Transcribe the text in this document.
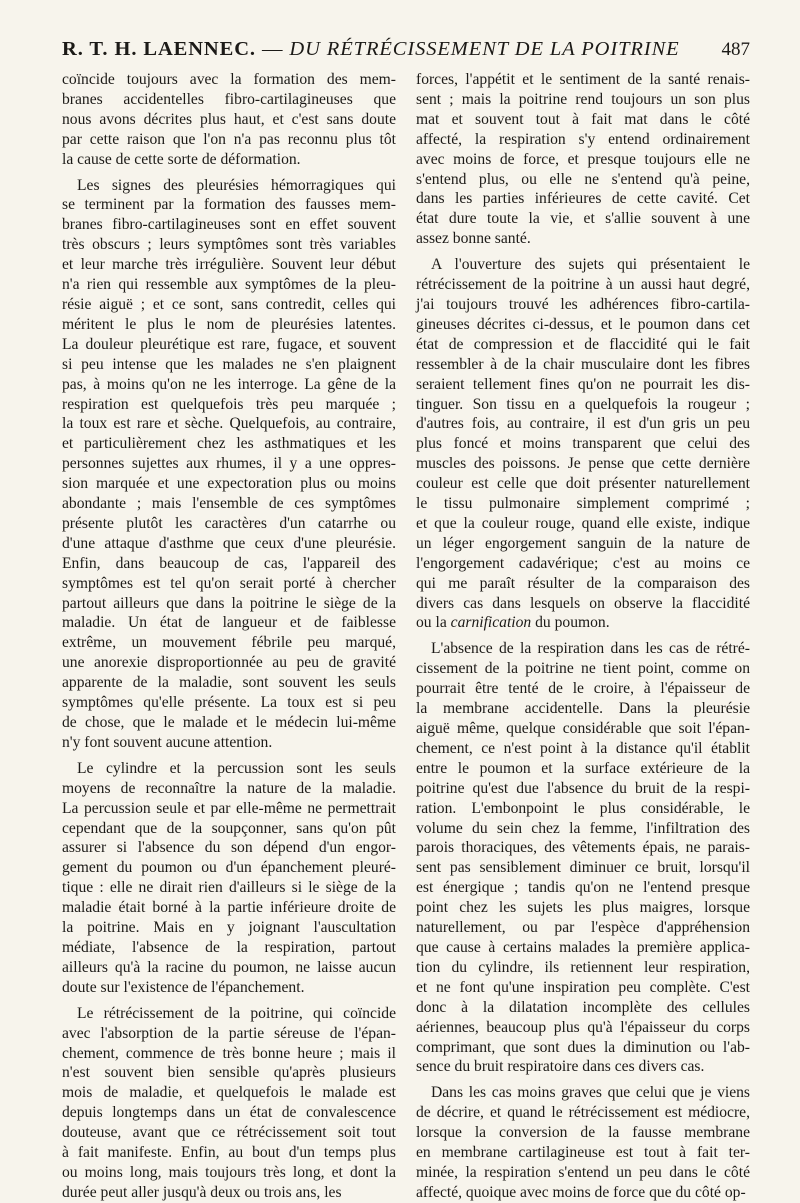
R. T. H. LAENNEC. — DU RÉTRÉCISSEMENT DE LA POITRINE 487
coïncide toujours avec la formation des mem-
branes accidentelles fibro-cartilagineuses que
nous avons décrites plus haut, et c'est sans doute
par cette raison que l'on n'a pas reconnu plus tôt
la cause de cette sorte de déformation.
Les signes des pleurésies hémorragiques qui
se terminent par la formation des fausses mem-
branes fibro-cartilagineuses sont en effet souvent
très obscurs ; leurs symptômes sont très variables
et leur marche très irrégulière. Souvent leur début
n'a rien qui ressemble aux symptômes de la pleu-
résie aiguë ; et ce sont, sans contredit, celles qui
méritent le plus le nom de pleurésies latentes.
La douleur pleurétique est rare, fugace, et souvent
si peu intense que les malades ne s'en plaignent
pas, à moins qu'on ne les interroge. La gêne de la
respiration est quelquefois très peu marquée ;
la toux est rare et sèche. Quelquefois, au contraire,
et particulièrement chez les asthmatiques et les
personnes sujettes aux rhumes, il y a une oppres-
sion marquée et une expectoration plus ou moins
abondante ; mais l'ensemble de ces symptômes
présente plutôt les caractères d'un catarrhe ou
d'une attaque d'asthme que ceux d'une pleurésie.
Enfin, dans beaucoup de cas, l'appareil des
symptômes est tel qu'on serait porté à chercher
partout ailleurs que dans la poitrine le siège de la
maladie. Un état de langueur et de faiblesse
extrême, un mouvement fébrile peu marqué,
une anorexie disproportionnée au peu de gravité
apparente de la maladie, sont souvent les seuls
symptômes qu'elle présente. La toux est si peu
de chose, que le malade et le médecin lui-même
n'y font souvent aucune attention.
Le cylindre et la percussion sont les seuls
moyens de reconnaître la nature de la maladie.
La percussion seule et par elle-même ne permettrait
cependant que de la soupçonner, sans qu'on pût
assurer si l'absence du son dépend d'un engor-
gement du poumon ou d'un épanchement pleuré-
tique : elle ne dirait rien d'ailleurs si le siège de la
maladie était borné à la partie inférieure droite de
la poitrine. Mais en y joignant l'auscultation
médiate, l'absence de la respiration, partout
ailleurs qu'à la racine du poumon, ne laisse aucun
doute sur l'existence de l'épanchement.
Le rétrécissement de la poitrine, qui coïncide
avec l'absorption de la partie séreuse de l'épan-
chement, commence de très bonne heure ; mais il
n'est souvent bien sensible qu'après plusieurs
mois de maladie, et quelquefois le malade est
depuis longtemps dans un état de convalescence
douteuse, avant que ce rétrécissement soit tout
à fait manifeste. Enfin, au bout d'un temps plus
ou moins long, mais toujours très long, et dont la
durée peut aller jusqu'à deux ou trois ans, les
forces, l'appétit et le sentiment de la santé renais-
sent ; mais la poitrine rend toujours un son plus
mat et souvent tout à fait mat dans le côté
affecté, la respiration s'y entend ordinairement
avec moins de force, et presque toujours elle ne
s'entend plus, ou elle ne s'entend qu'à peine,
dans les parties inférieures de cette cavité. Cet
état dure toute la vie, et s'allie souvent à une
assez bonne santé.
A l'ouverture des sujets qui présentaient le
rétrécissement de la poitrine à un aussi haut degré,
j'ai toujours trouvé les adhérences fibro-cartila-
gineuses décrites ci-dessus, et le poumon dans cet
état de compression et de flaccidité qui le fait
ressembler à de la chair musculaire dont les fibres
seraient tellement fines qu'on ne pourrait les dis-
tinguer. Son tissu en a quelquefois la rougeur ;
d'autres fois, au contraire, il est d'un gris un peu
plus foncé et moins transparent que celui des
muscles des poissons. Je pense que cette dernière
couleur est celle que doit présenter naturellement
le tissu pulmonaire simplement comprimé ;
et que la couleur rouge, quand elle existe, indique
un léger engorgement sanguin de la nature de
l'engorgement cadavérique; c'est au moins ce
qui me paraît résulter de la comparaison des
divers cas dans lesquels on observe la flaccidité
ou la carnification du poumon.
L'absence de la respiration dans les cas de rétré-
cissement de la poitrine ne tient point, comme on
pourrait être tenté de le croire, à l'épaisseur de
la membrane accidentelle. Dans la pleurésie
aiguë même, quelque considérable que soit l'épan-
chement, ce n'est point à la distance qu'il établit
entre le poumon et la surface extérieure de la
poitrine qu'est due l'absence du bruit de la respi-
ration. L'embonpoint le plus considérable, le
volume du sein chez la femme, l'infiltration des
parois thoraciques, des vêtements épais, ne parais-
sent pas sensiblement diminuer ce bruit, lorsqu'il
est énergique ; tandis qu'on ne l'entend presque
point chez les sujets les plus maigres, lorsque
naturellement, ou par l'espèce d'appréhension
que cause à certains malades la première applica-
tion du cylindre, ils retiennent leur respiration,
et ne font qu'une inspiration peu complète. C'est
donc à la dilatation incomplète des cellules
aériennes, beaucoup plus qu'à l'épaisseur du corps
comprimant, que sont dues la diminution ou l'ab-
sence du bruit respiratoire dans ces divers cas.
Dans les cas moins graves que celui que je viens
de décrire, et quand le rétrécissement est médiocre,
lorsque la conversion de la fausse membrane
en membrane cartilagineuse est tout à fait ter-
minée, la respiration s'entend un peu dans le côté
affecté, quoique avec moins de force que du côté op-
